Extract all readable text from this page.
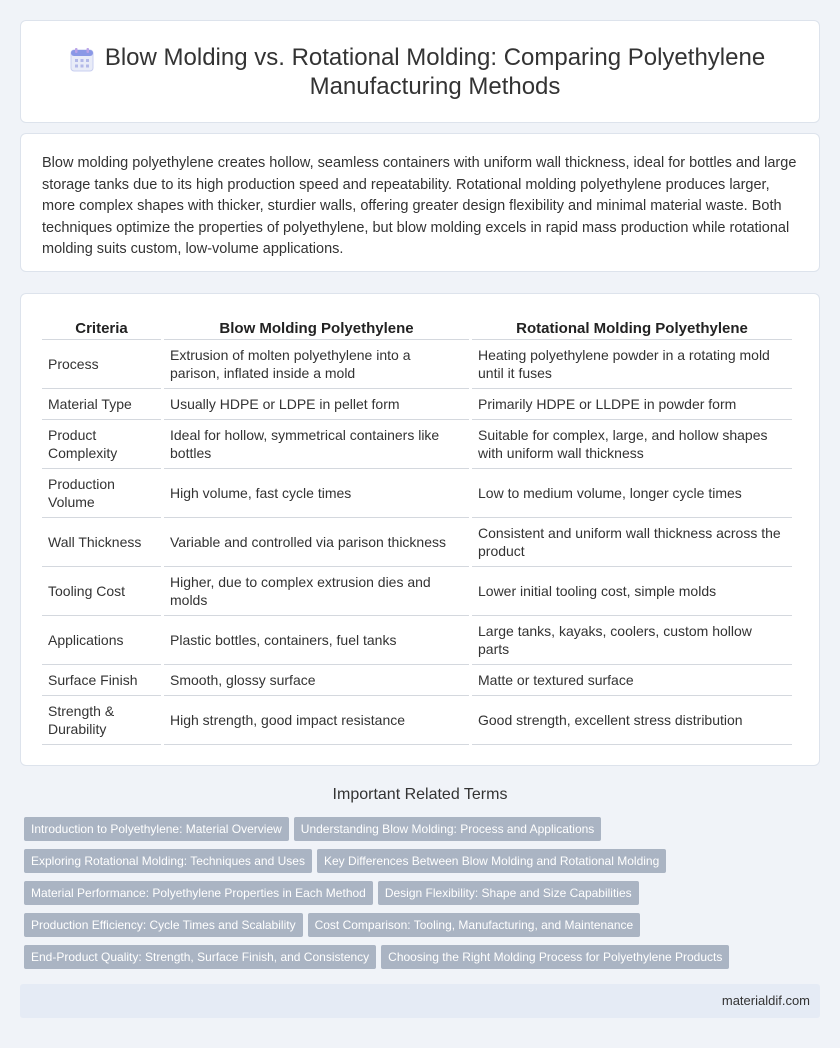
Blow Molding vs. Rotational Molding: Comparing Polyethylene Manufacturing Methods

Blow molding polyethylene creates hollow, seamless containers with uniform wall thickness, ideal for bottles and large storage tanks due to its high production speed and repeatability. Rotational molding polyethylene produces larger, more complex shapes with thicker, sturdier walls, offering greater design flexibility and minimal material waste. Both techniques optimize the properties of polyethylene, but blow molding excels in rapid mass production while rotational molding suits custom, low-volume applications.

Criteria	Blow Molding Polyethylene	Rotational Molding Polyethylene
Process	Extrusion of molten polyethylene into a parison, inflated inside a mold	Heating polyethylene powder in a rotating mold until it fuses
Material Type	Usually HDPE or LDPE in pellet form	Primarily HDPE or LLDPE in powder form
Product Complexity	Ideal for hollow, symmetrical containers like bottles	Suitable for complex, large, and hollow shapes with uniform wall thickness
Production Volume	High volume, fast cycle times	Low to medium volume, longer cycle times
Wall Thickness	Variable and controlled via parison thickness	Consistent and uniform wall thickness across the product
Tooling Cost	Higher, due to complex extrusion dies and molds	Lower initial tooling cost, simple molds
Applications	Plastic bottles, containers, fuel tanks	Large tanks, kayaks, coolers, custom hollow parts
Surface Finish	Smooth, glossy surface	Matte or textured surface
Strength & Durability	High strength, good impact resistance	Good strength, excellent stress distribution
Important Related Terms
Introduction to Polyethylene: Material Overview Understanding Blow Molding: Process and Applications
Exploring Rotational Molding: Techniques and Uses Key Differences Between Blow Molding and Rotational Molding
Material Performance: Polyethylene Properties in Each Method Design Flexibility: Shape and Size Capabilities
Production Efficiency: Cycle Times and Scalability Cost Comparison: Tooling, Manufacturing, and Maintenance
End-Product Quality: Strength, Surface Finish, and Consistency Choosing the Right Molding Process for Polyethylene Products
materialdif.com
